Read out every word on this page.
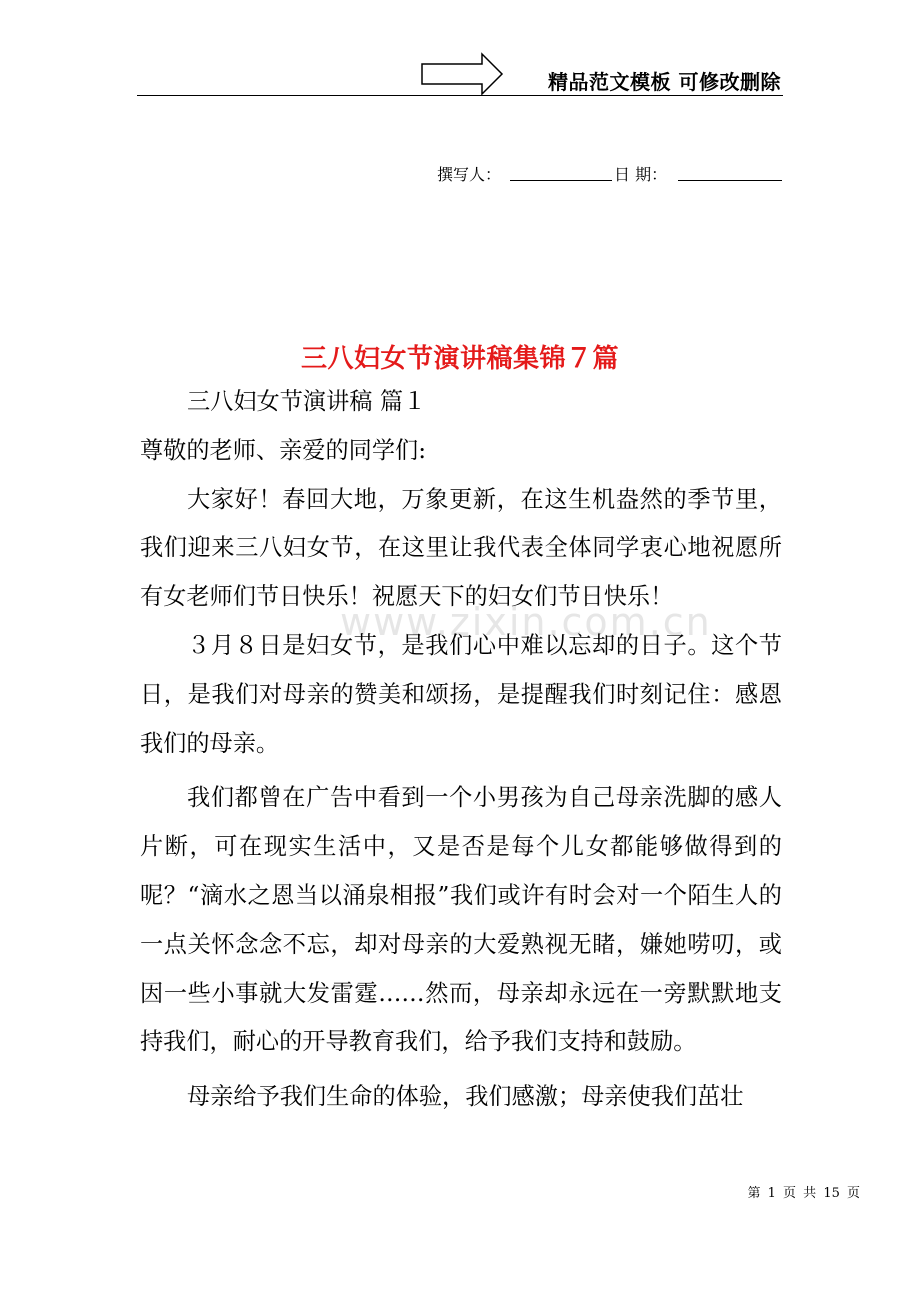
精品范文模板 可修改删除
撰写人：	日 期：
www.zixin.com.cn
三八妇女节演讲稿集锦７篇

三八妇女节演讲稿 篇１

尊敬的老师、亲爱的同学们:

大家好！春回大地，万象更新，在这生机盎然的季节里，我们迎来三八妇女节，在这里让我代表全体同学衷心地祝愿所有女老师们节日快乐！祝愿天下的妇女们节日快乐！

３月８日是妇女节，是我们心中难以忘却的日子。这个节日，是我们对母亲的赞美和颂扬，是提醒我们时刻记住：感恩我们的母亲。

我们都曾在广告中看到一个小男孩为自己母亲洗脚的感人片断，可在现实生活中，又是否是每个儿女都能够做得到的呢？“滴水之恩当以涌泉相报”我们或许有时会对一个陌生人的一点关怀念念不忘，却对母亲的大爱熟视无睹，嫌她唠叨，或因一些小事就大发雷霆……然而，母亲却永远在一旁默默地支持我们，耐心的开导教育我们，给予我们支持和鼓励。

母亲给予我们生命的体验，我们感激；母亲使我们茁壮

第 1 页 共 15 页
